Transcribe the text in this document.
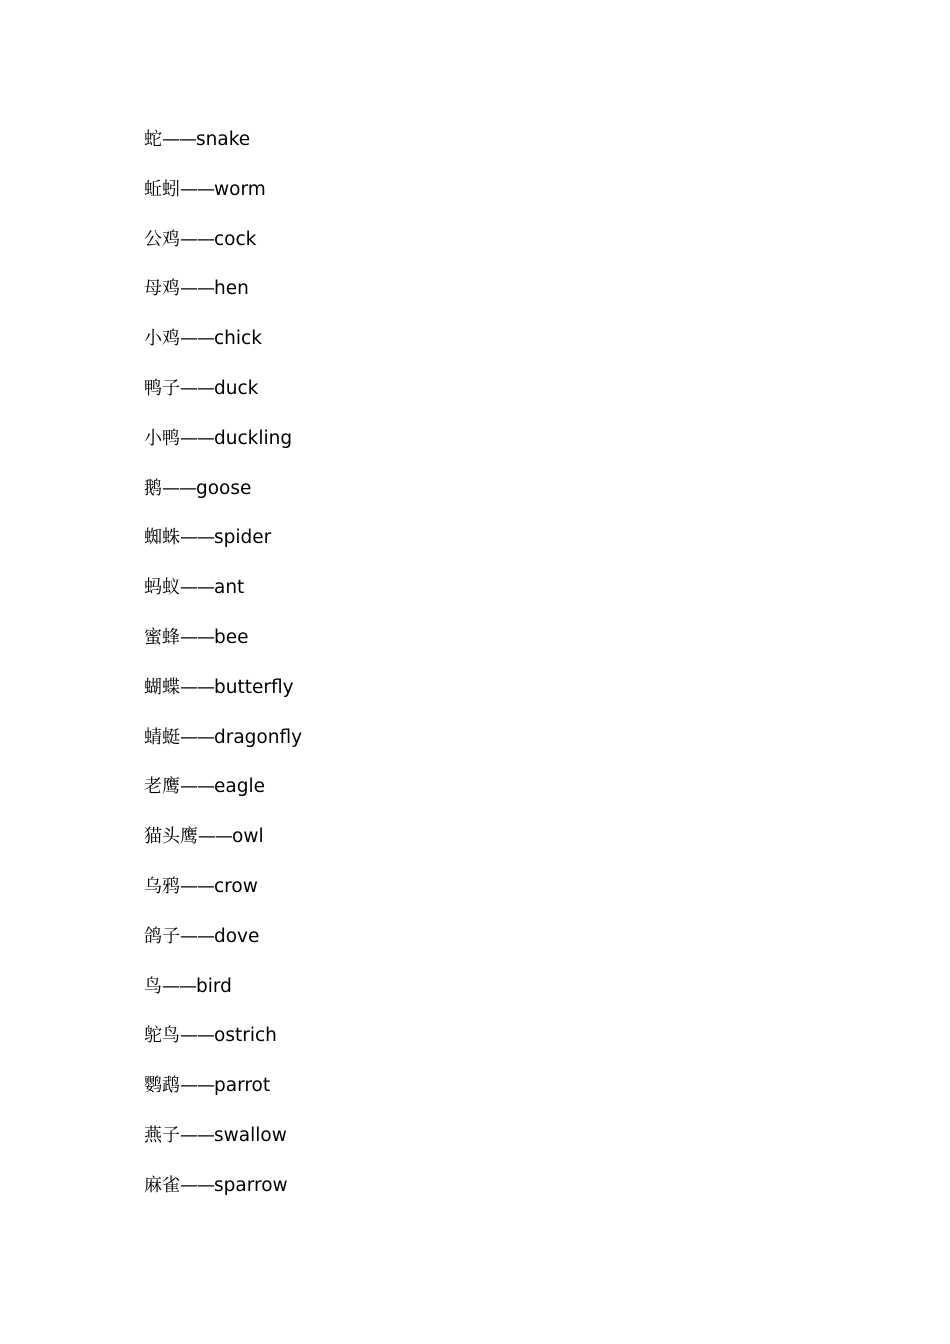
蛇——snake
蚯蚓——worm
公鸡——cock
母鸡——hen
小鸡——chick
鸭子——duck
小鸭——duckling
鹅——goose
蜘蛛——spider
蚂蚁——ant
蜜蜂——bee
蝴蝶——butterfly
蜻蜓——dragonfly
老鹰——eagle
猫头鹰——owl
乌鸦——crow
鸽子——dove
鸟——bird
鸵鸟——ostrich
鹦鹉——parrot
燕子——swallow
麻雀——sparrow
